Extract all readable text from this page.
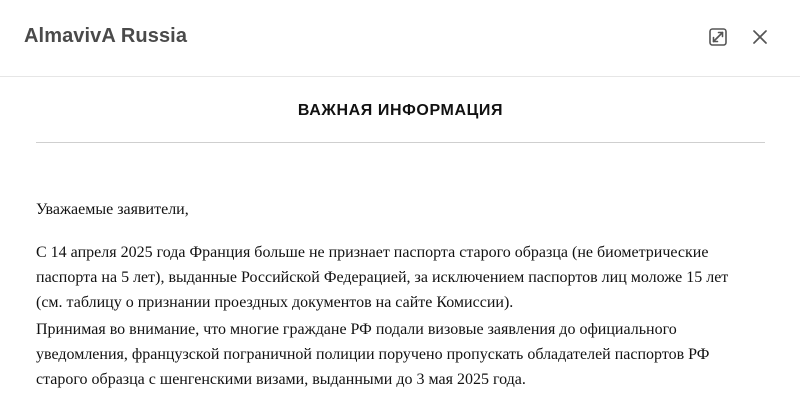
AlmavivA Russia
ВАЖНАЯ ИНФОРМАЦИЯ
Уважаемые заявители,
С 14 апреля 2025 года Франция больше не признает паспорта старого образца (не биометрические
паспорта на 5 лет), выданные Российской Федерацией, за исключением паспортов лиц моложе 15 лет
(см. таблицу о признании проездных документов на сайте Комиссии).
Принимая во внимание, что многие граждане РФ подали визовые заявления до официального
уведомления, французской пограничной полиции поручено пропускать обладателей паспортов РФ
старого образца с шенгенскими визами, выданными до 3 мая 2025 года.
